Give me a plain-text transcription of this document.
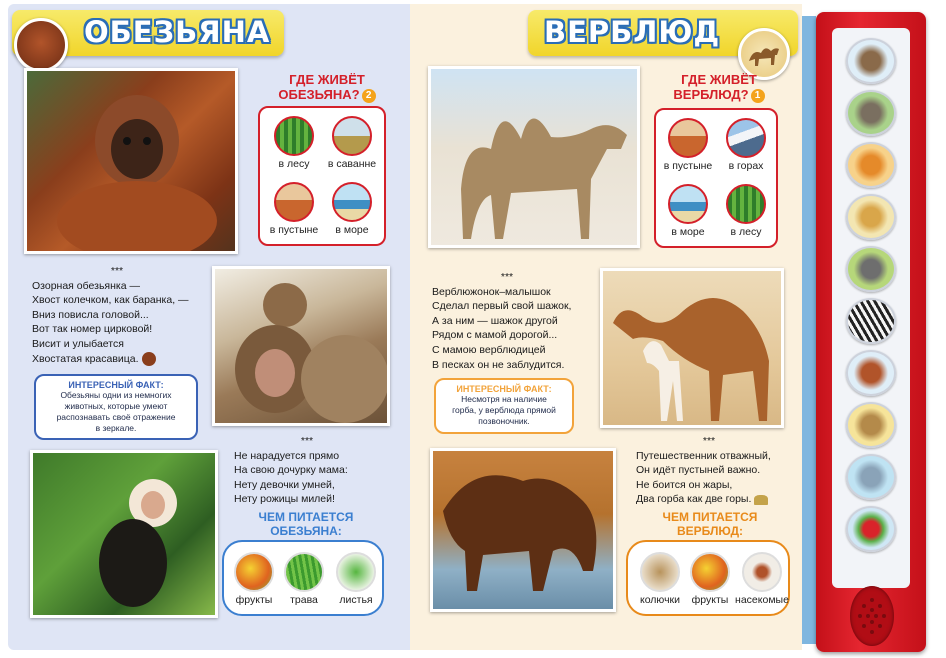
ОБЕЗЬЯНА
ГДЕ ЖИВЁТ
ОБЕЗЬЯНА? 2
в лесу	в саванне
в пустыне	в море
***
Озорная обезьянка —
Хвост колечком, как баранка, —
Вниз повисла головой...
Вот так номер цирковой!
Висит и улыбается
Хвостатая красавица.
ИНТЕРЕСНЫЙ ФАКТ:
Обезьяны одни из немногих
животных, которые умеют
распознавать своё отражение
в зеркале.
***
Не нарадуется прямо
На свою дочурку мама:
Нету девочки умней,
Нету рожицы милей!
ЧЕМ ПИТАЕТСЯ
ОБЕЗЬЯНА:
фрукты	трава	листья
ВЕРБЛЮД
ГДЕ ЖИВЁТ
ВЕРБЛЮД? 1
в пустыне	в горах
в море	в лесу
***
Верблюжонок–малышок
Сделал первый свой шажок,
А за ним — шажок другой
Рядом с мамой дорогой...
С мамою верблюдицей
В песках он не заблудится.
ИНТЕРЕСНЫЙ ФАКТ:
Несмотря на наличие
горба, у верблюда прямой
позвоночник.
***
Путешественник отважный,
Он идёт пустыней важно.
Не боится он жары,
Два горба как две горы.
ЧЕМ ПИТАЕТСЯ
ВЕРБЛЮД:
колючки	фрукты насекомые
